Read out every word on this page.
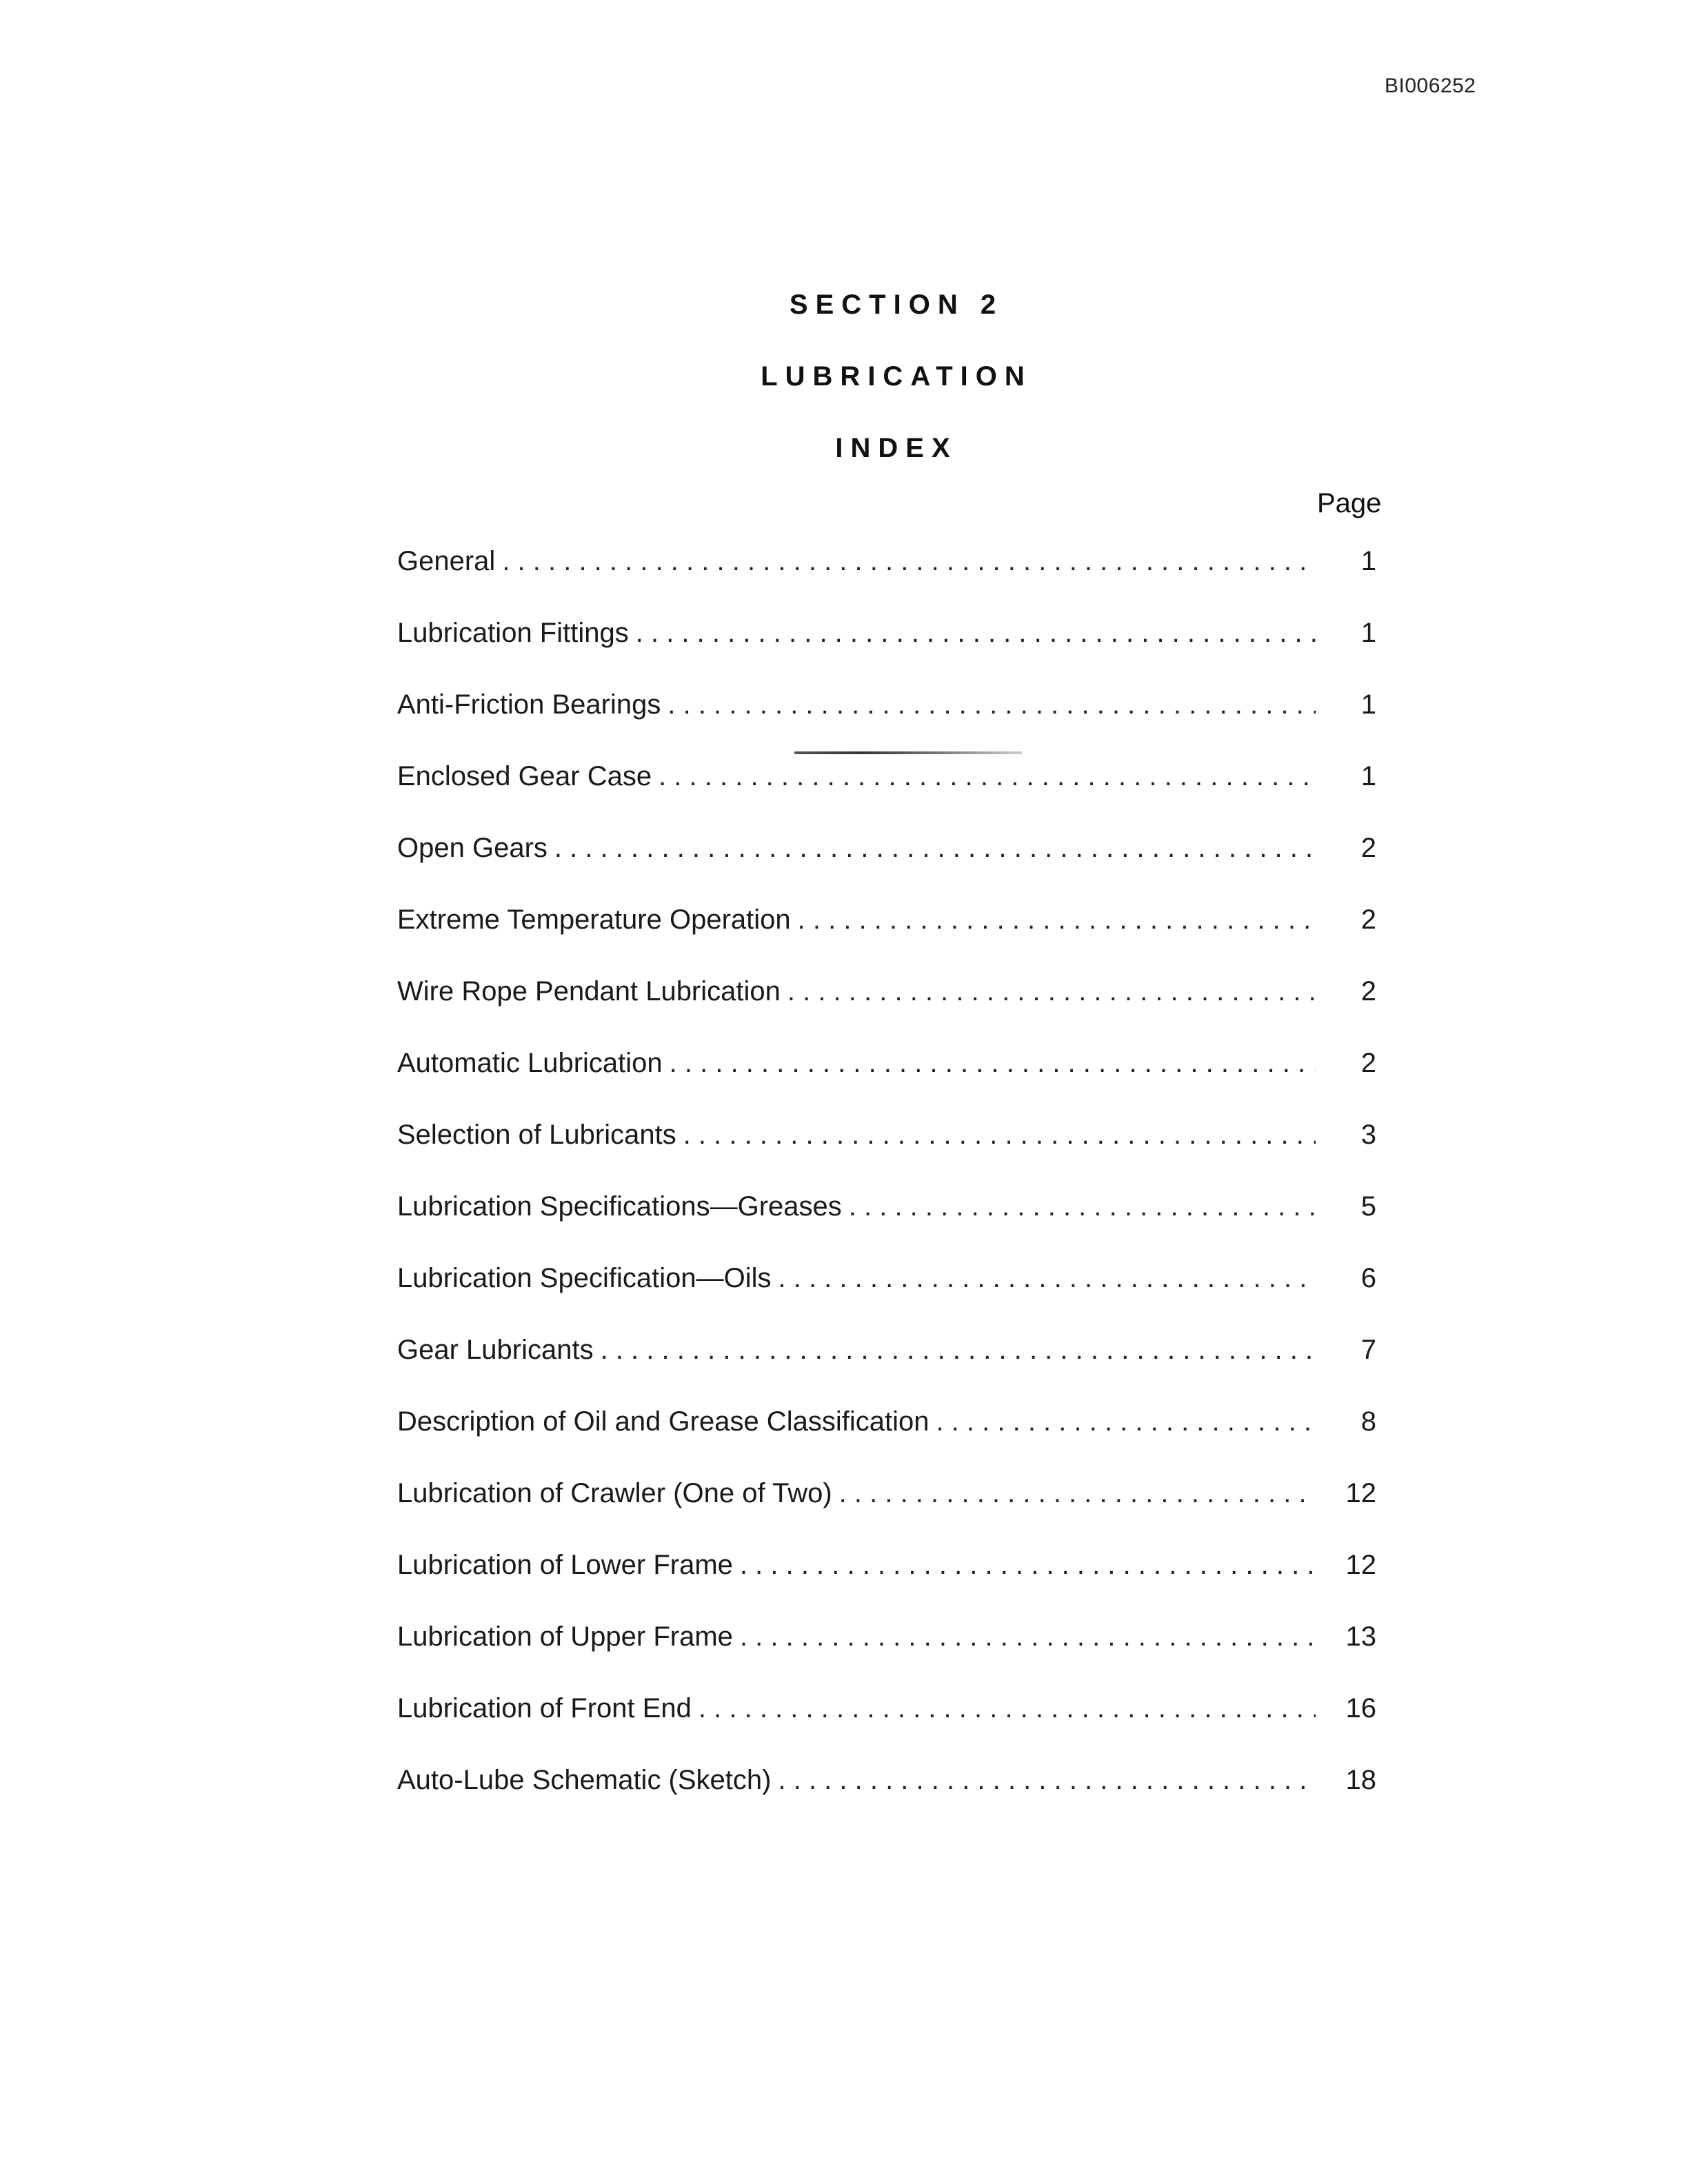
BI006252
SECTION 2
LUBRICATION
INDEX
Page
General . . .	1
Lubrication Fittings . . .	1
Anti-Friction Bearings . . .	1
Enclosed Gear Case . . .	1
Open Gears . . .	2
Extreme Temperature Operation . . .	2
Wire Rope Pendant Lubrication . . .	2
Automatic Lubrication . . .	2
Selection of Lubricants . . .	3
Lubrication Specifications—Greases . . .	5
Lubrication Specification—Oils . . .	6
Gear Lubricants . . .	7
Description of Oil and Grease Classification . . .	8
Lubrication of Crawler (One of Two) . . .	12
Lubrication of Lower Frame . . .	12
Lubrication of Upper Frame . . .	13
Lubrication of Front End . . .	16
Auto-Lube Schematic (Sketch) . . .	18
